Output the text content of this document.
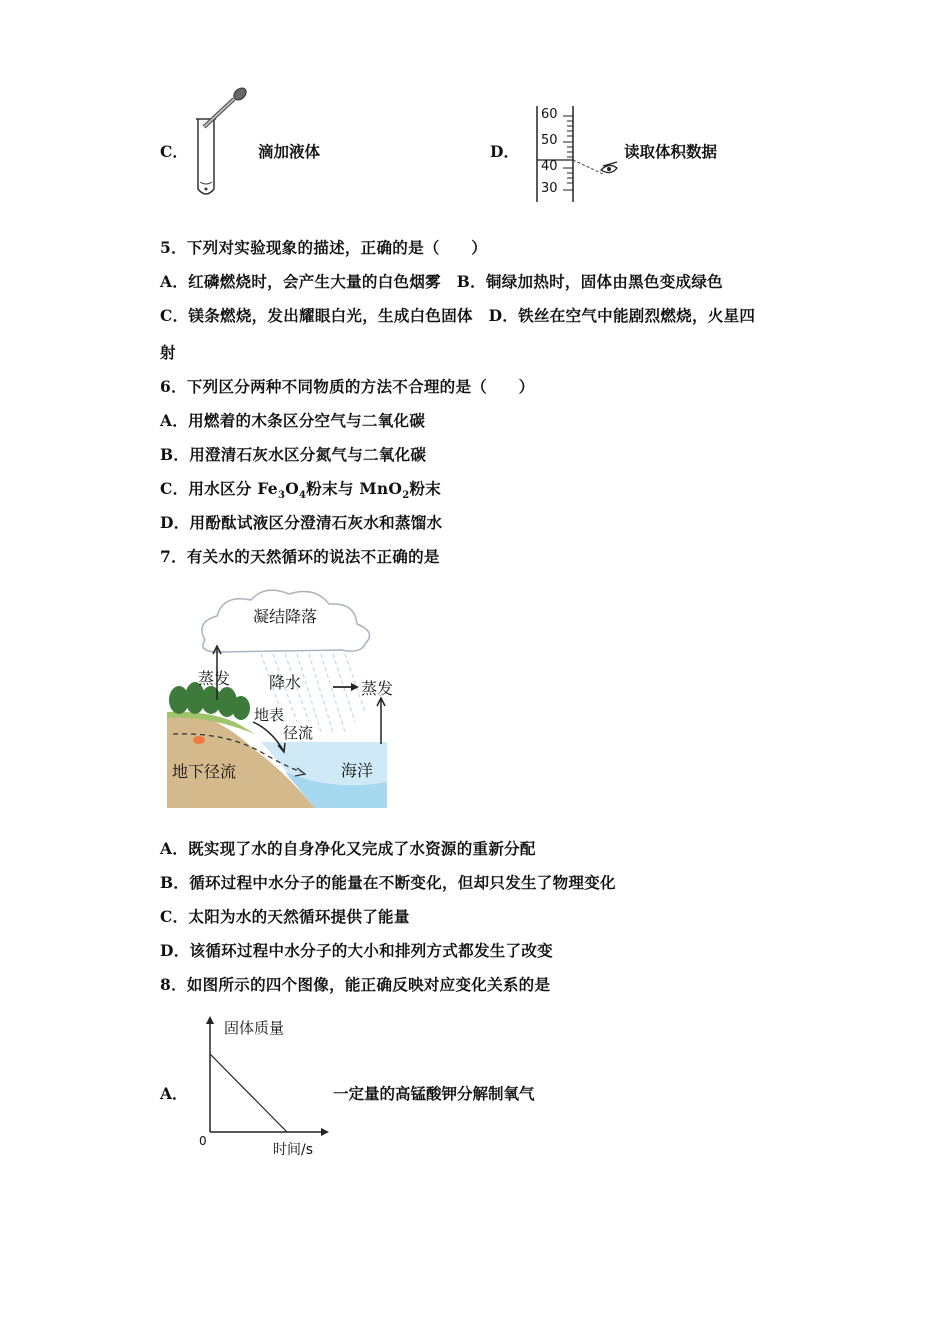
C．	滴加液体	D．
60
50
40
30
读取体积数据
5．下列对实验现象的描述，正确的是（　　）
A．红磷燃烧时，会产生大量的白色烟雾　B．铜绿加热时，固体由黑色变成绿色
C．镁条燃烧，发出耀眼白光，生成白色固体　D．铁丝在空气中能剧烈燃烧，火星四
射
6．下列区分两种不同物质的方法不合理的是（　　）
A．用燃着的木条区分空气与二氧化碳
B．用澄清石灰水区分氮气与二氧化碳
C．用水区分 $Fe_3O_4$粉末与 MnO$_2$粉末
D．用酚酞试液区分澄清石灰水和蒸馏水
7．有关水的天然循环的说法不正确的是
凝结降落
蒸发 降水	蒸发
地表
径流
地下径流	海洋
A．既实现了水的自身净化又完成了水资源的重新分配
B．循环过程中水分子的能量在不断变化，但却只发生了物理变化
C．太阳为水的天然循环提供了能量
D．该循环过程中水分子的大小和排列方式都发生了改变
8．如图所示的四个图像，能正确反映对应变化关系的是
A．
固体质量
0
时间/s
一定量的高锰酸钾分解制氧气
